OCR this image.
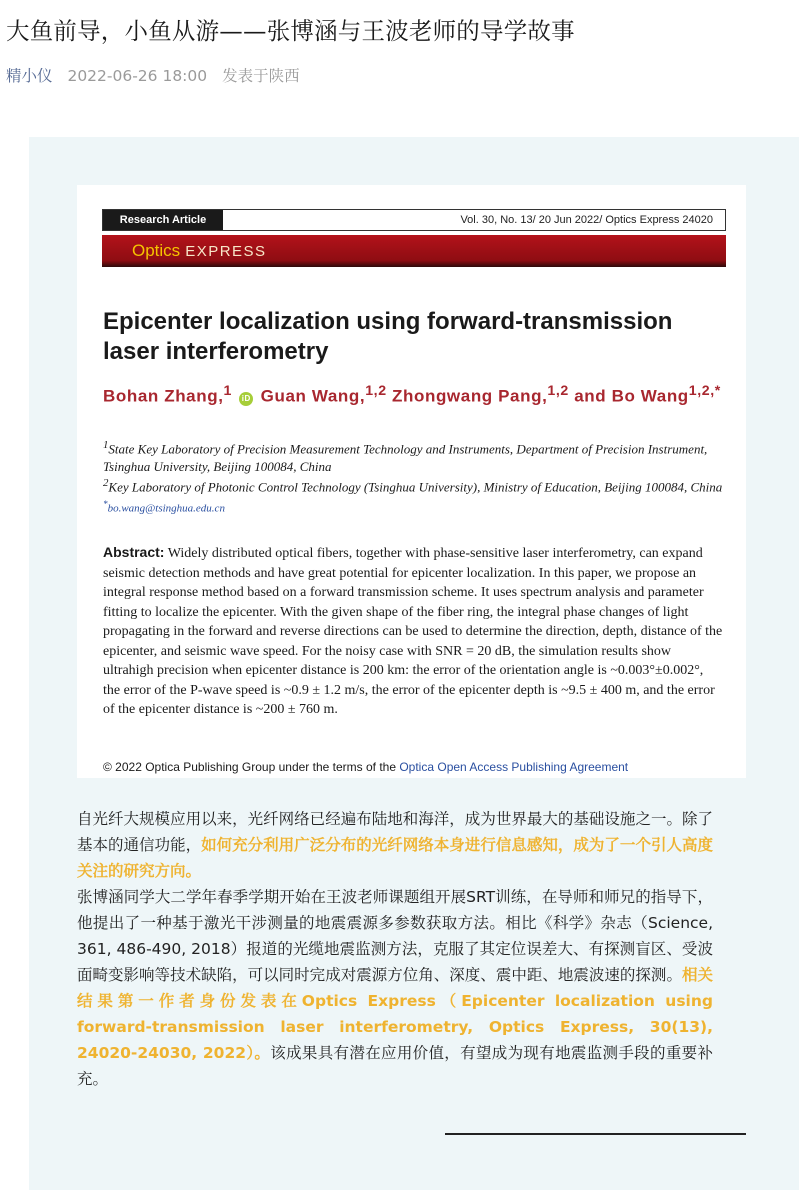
大鱼前导，小鱼从游——张博涵与王波老师的导学故事
精小仪 2022-06-26 18:00 发表于陕西
Research Article	Vol. 30, No. 13/ 20 Jun 2022/ Optics Express 24020
Optics EXPRESS
Epicenter localization using forward-transmission laser interferometry
Bohan Zhang,$^1$ iD Guan Wang,$^{1,2}$ Zhongwang Pang,$^{1,2}$ and Bo Wang$^{1,2,*}$
$^1$State Key Laboratory of Precision Measurement Technology and Instruments, Department of Precision Instrument, Tsinghua University, Beijing 100084, China
$^2$Key Laboratory of Photonic Control Technology (Tsinghua University), Ministry of Education, Beijing 100084, China
*bo.wang@tsinghua.edu.cn
Abstract: Widely distributed optical fibers, together with phase-sensitive laser interferometry, can expand seismic detection methods and have great potential for epicenter localization. In this paper, we propose an integral response method based on a forward transmission scheme. It uses spectrum analysis and parameter fitting to localize the epicenter. With the given shape of the fiber ring, the integral phase changes of light propagating in the forward and reverse directions can be used to determine the direction, depth, distance of the epicenter, and seismic wave speed. For the noisy case with SNR = 20 dB, the simulation results show ultrahigh precision when epicenter distance is 200 km: the error of the orientation angle is ~0.003°±0.002°, the error of the P-wave speed is ~0.9 ± 1.2 m/s, the error of the epicenter depth is ~9.5 ± 400 m, and the error of the epicenter distance is ~200 ± 760 m.
© 2022 Optica Publishing Group under the terms of the Optica Open Access Publishing Agreement

自光纤大规模应用以来，光纤网络已经遍布陆地和海洋，成为世界最大的基础设施之一。除了基本的通信功能，如何充分利用广泛分布的光纤网络本身进行信息感知，成为了一个引人高度关注的研究方向。

张博涵同学大二学年春季学期开始在王波老师课题组开展SRT训练，在导师和师兄的指导下，他提出了一种基于激光干涉测量的地震震源多参数获取方法。相比《科学》杂志（Science, 361, 486-490, 2018）报道的光缆地震监测方法，克服了其定位误差大、有探测盲区、受波面畸变影响等技术缺陷，可以同时完成对震源方位角、深度、震中距、地震波速的探测。相关结果第一作者身份发表在Optics Express（Epicenter localization using forward-transmission laser interferometry, Optics Express, 30(13), 24020-24030, 2022）。该成果具有潜在应用价值，有望成为现有地震监测手段的重要补充。
